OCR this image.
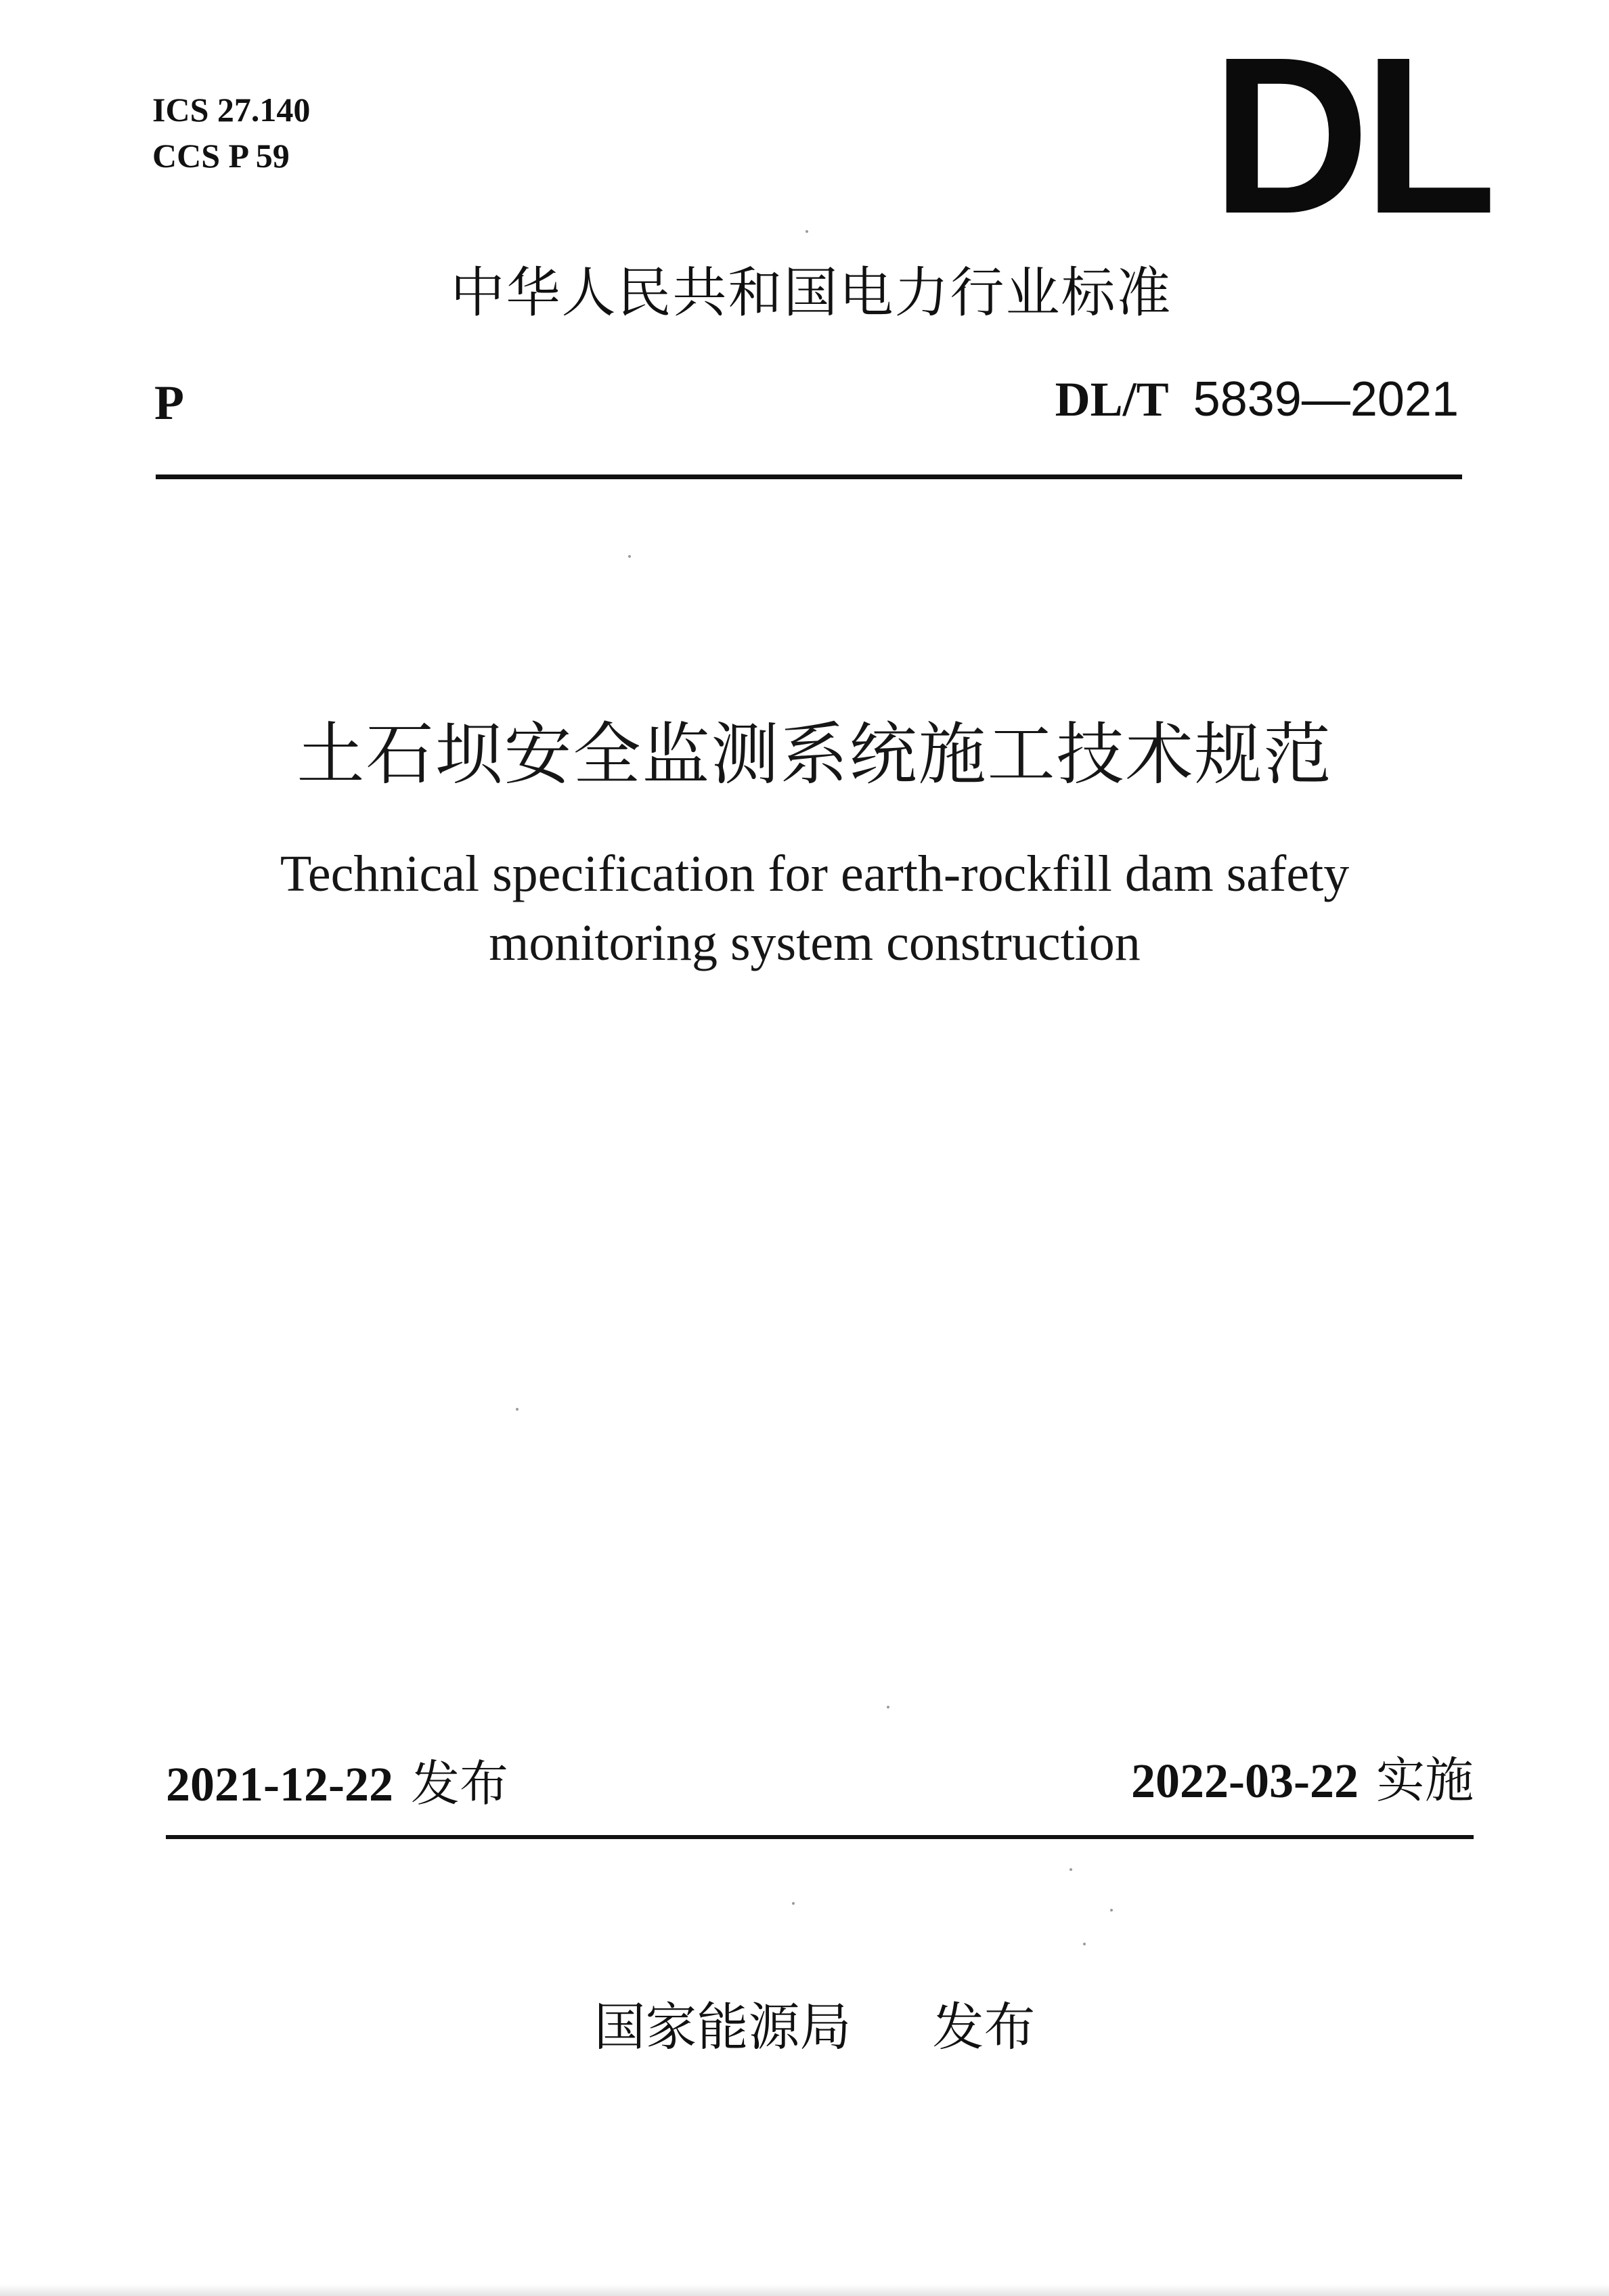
ICS 27.140
CCS P 59	DL
中华人民共和国电力行业标准
P	DL/T 5839—2021
土石坝安全监测系统施工技术规范
Technical specification for earth-rockfill dam safety
monitoring system construction
2021-12-22 发布	2022-03-22 实施
国家能源局 发布
